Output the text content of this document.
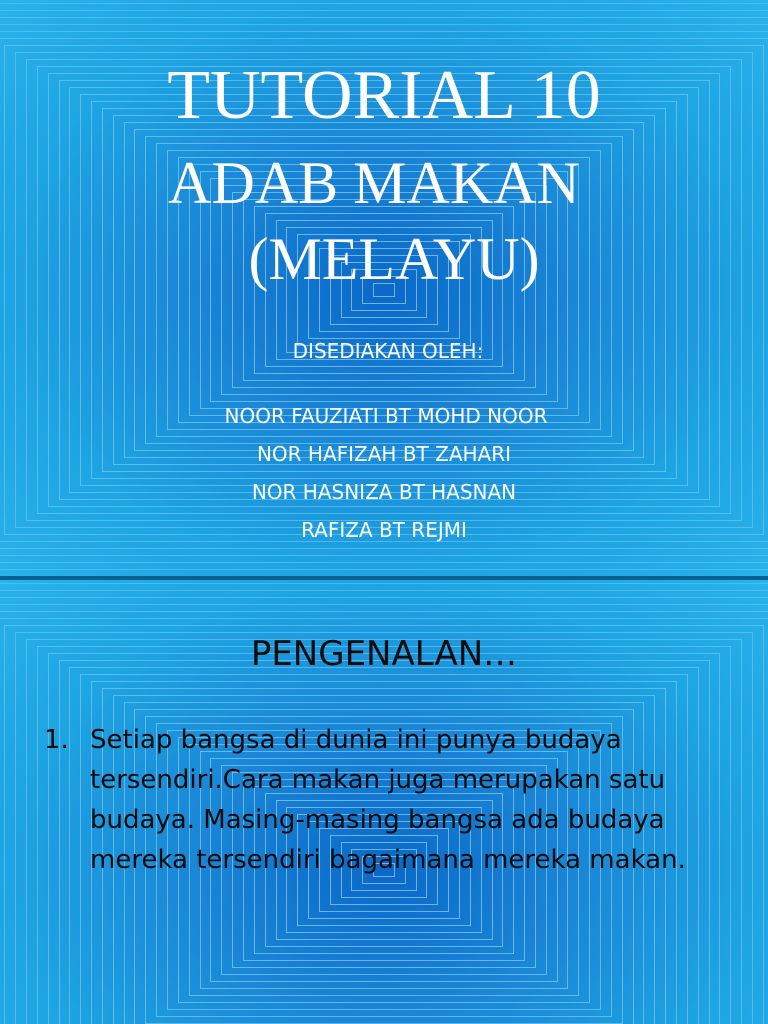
TUTORIAL 10
ADAB MAKAN
(MELAYU)
DISEDIAKAN OLEH:
NOOR FAUZIATI BT MOHD NOOR
NOR HAFIZAH BT ZAHARI
NOR HASNIZA BT HASNAN
RAFIZA BT REJMI
PENGENALAN…
1. Setiap bangsa di dunia ini punya budaya tersendiri.Cara makan juga merupakan satu budaya. Masing-masing bangsa ada budaya mereka tersendiri bagaimana mereka makan.
